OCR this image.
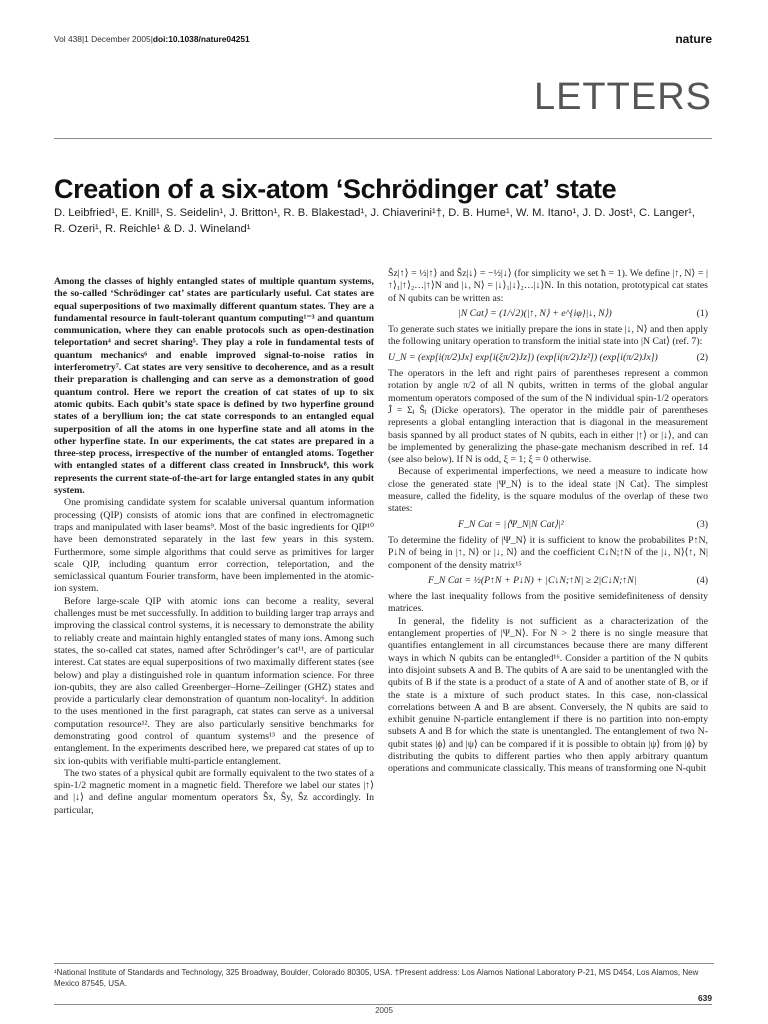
Vol 438|1 December 2005|doi:10.1038/nature04251	nature
LETTERS
Creation of a six-atom ‘Schrödinger cat’ state
D. Leibfried¹, E. Knill¹, S. Seidelin¹, J. Britton¹, R. B. Blakestad¹, J. Chiaverini¹†, D. B. Hume¹, W. M. Itano¹, J. D. Jost¹, C. Langer¹, R. Ozeri¹, R. Reichle¹ & D. J. Wineland¹

Among the classes of highly entangled states of multiple quantum systems, the so-called ‘Schrödinger cat’ states are particularly useful. Cat states are equal superpositions of two maximally different quantum states. They are a fundamental resource in fault-tolerant quantum computing¹⁻³ and quantum communication, where they can enable protocols such as open-destination teleportation⁴ and secret sharing⁵. They play a role in fundamental tests of quantum mechanics⁶ and enable improved signal-to-noise ratios in interferometry⁷. Cat states are very sensitive to decoherence, and as a result their preparation is challenging and can serve as a demonstration of good quantum control. Here we report the creation of cat states of up to six atomic qubits. Each qubit’s state space is defined by two hyperfine ground states of a beryllium ion; the cat state corresponds to an entangled equal superposition of all the atoms in one hyperfine state and all atoms in the other hyperfine state. In our experiments, the cat states are prepared in a three-step process, irrespective of the number of entangled atoms. Together with entangled states of a different class created in Innsbruck⁸, this work represents the current state-of-the-art for large entangled states in any qubit system.

One promising candidate system for scalable universal quantum information processing (QIP) consists of atomic ions that are confined in electromagnetic traps and manipulated with laser beams⁹. Most of the basic ingredients for QIP¹⁰ have been demonstrated separately in the last few years in this system. Furthermore, some simple algorithms that could serve as primitives for larger scale QIP, including quantum error correction, teleportation, and the semiclassical quantum Fourier transform, have been implemented in the atomic-ion system.

Before large-scale QIP with atomic ions can become a reality, several challenges must be met successfully. In addition to building larger trap arrays and improving the classical control systems, it is necessary to demonstrate the ability to reliably create and maintain highly entangled states of many ions. Among such states, the so-called cat states, named after Schrödinger’s cat¹¹, are of particular interest. Cat states are equal superpositions of two maximally different states (see below) and play a distinguished role in quantum information science. For three ion-qubits, they are also called Greenberger–Horne–Zeilinger (GHZ) states and provide a particularly clear demonstration of quantum non-locality⁶. In addition to the uses mentioned in the first paragraph, cat states can serve as a universal computation resource¹². They are also particularly sensitive benchmarks for demonstrating good control of quantum systems¹³ and the presence of entanglement. In the experiments described here, we prepared cat states of up to six ion-qubits with verifiable multi-particle entanglement.

The two states of a physical qubit are formally equivalent to the two states of a spin-1/2 magnetic moment in a magnetic field. Therefore we label our states |↑⟩ and |↓⟩ and define angular momentum operators Ŝx, Ŝy, Ŝz accordingly. In particular,

Ŝz|↑⟩ = ½|↑⟩ and Ŝz|↓⟩ = −½|↓⟩ (for simplicity we set ħ = 1). We define |↑, N⟩ = |↑⟩₁|↑⟩₂…|↑⟩N and |↓, N⟩ = |↓⟩₁|↓⟩₂…|↓⟩N. In this notation, prototypical cat states of N qubits can be written as:

|N Cat⟩ = (1/√2)(|↑, N⟩ + e^{iφ}|↓, N⟩)	(1)

To generate such states we initially prepare the ions in state |↓, N⟩ and then apply the following unitary operation to transform the initial state into |N Cat⟩ (ref. 7):

U_N = (exp[i(π/2)Jx] exp[i(ξπ/2)Jz]) (exp[i(π/2)Jz²]) (exp[i(π/2)Jx])	(2)

The operators in the left and right pairs of parentheses represent a common rotation by angle π/2 of all N qubits, written in terms of the global angular momentum operators composed of the sum of the N individual spin-1/2 operators Ĵ = Σⱼ Ŝⱼ (Dicke operators). The operator in the middle pair of parentheses represents a global entangling interaction that is diagonal in the measurement basis spanned by all product states of N qubits, each in either |↑⟩ or |↓⟩, and can be implemented by generalizing the phase-gate mechanism described in ref. 14 (see also below). If N is odd, ξ = 1; ξ = 0 otherwise.

Because of experimental imperfections, we need a measure to indicate how close the generated state |Ψ_N⟩ is to the ideal state |N Cat⟩. The simplest measure, called the fidelity, is the square modulus of the overlap of these two states:

F_N Cat = |⟨Ψ_N|N Cat⟩|²	(3)

To determine the fidelity of |Ψ_N⟩ it is sufficient to know the probabilites P↑N, P↓N of being in |↑, N⟩ or |↓, N⟩ and the coefficient C↓N;↑N of the |↓, N⟩⟨↑, N| component of the density matrix¹⁵

F_N Cat = ½(P↑N + P↓N) + |C↓N;↑N| ≥ 2|C↓N;↑N|	(4)

where the last inequality follows from the positive semidefiniteness of density matrices.

In general, the fidelity is not sufficient as a characterization of the entanglement properties of |Ψ_N⟩. For N > 2 there is no single measure that quantifies entanglement in all circumstances because there are many different ways in which N qubits can be entangled¹⁶. Consider a partition of the N qubits into disjoint subsets A and B. The qubits of A are said to be unentangled with the qubits of B if the state is a product of a state of A and of another state of B, or if the state is a mixture of such product states. In this case, non-classical correlations between A and B are absent. Conversely, the N qubits are said to exhibit genuine N-particle entanglement if there is no partition into non-empty subsets A and B for which the state is unentangled. The entanglement of two N-qubit states |ϕ⟩ and |ψ⟩ can be compared if it is possible to obtain |ψ⟩ from |ϕ⟩ by distributing the qubits to different parties who then apply arbitrary quantum operations and communicate classically. This means of transforming one N-qubit

¹National Institute of Standards and Technology, 325 Broadway, Boulder, Colorado 80305, USA. †Present address: Los Alamos National Laboratory P-21, MS D454, Los Alamos, New Mexico 87545, USA.
639
2005
